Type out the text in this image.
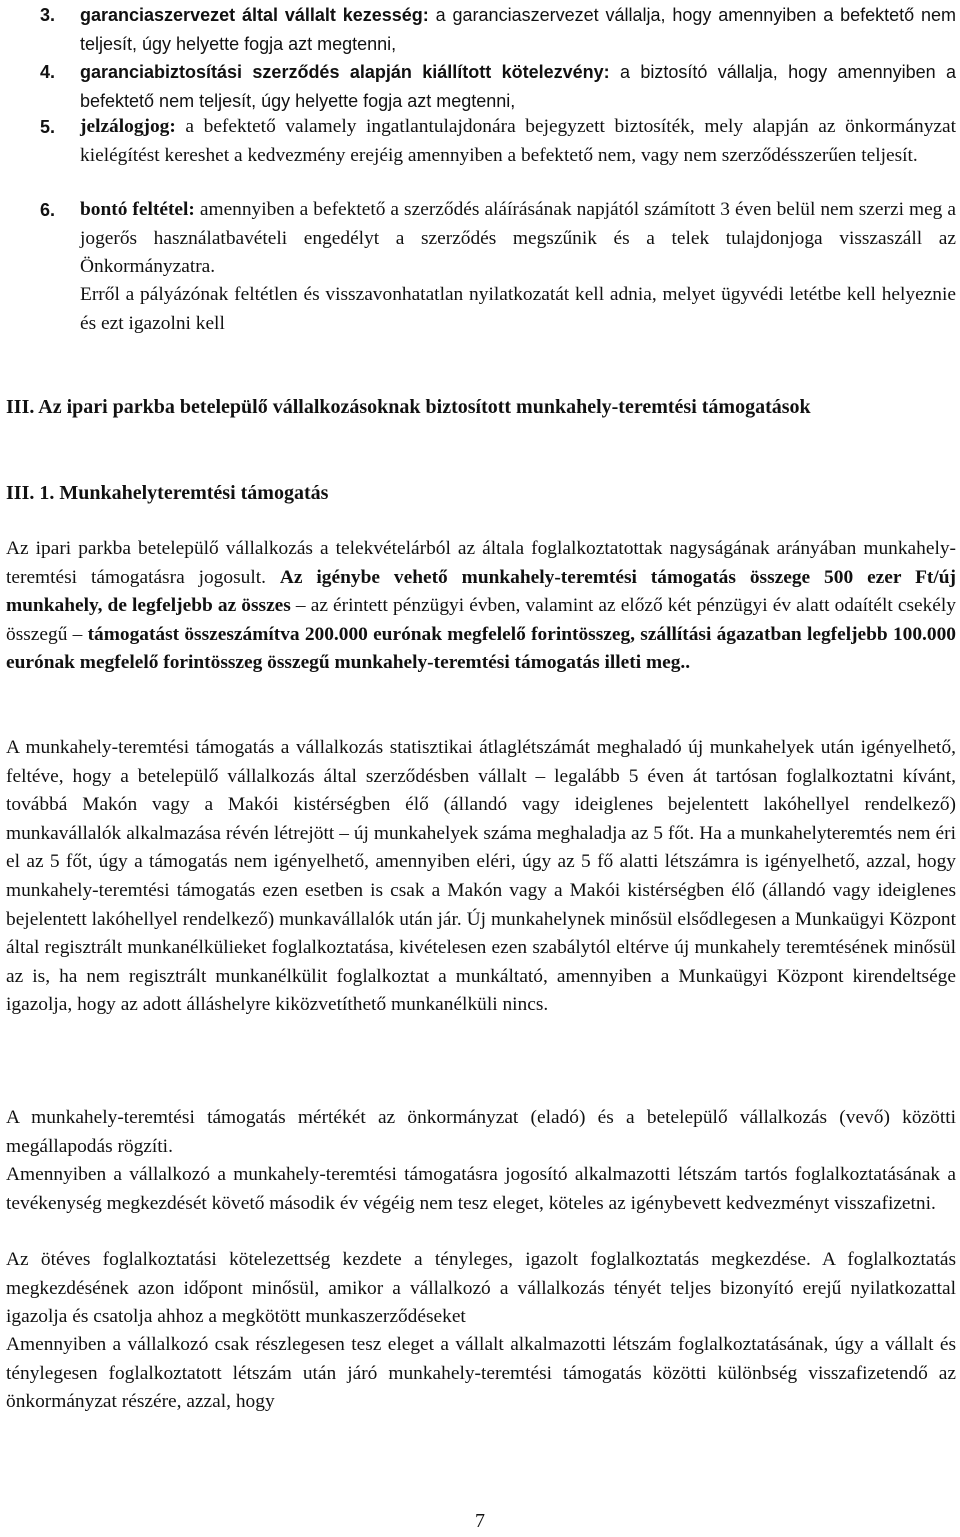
3. garanciaszervezet által vállalt kezesség: a garanciaszervezet vállalja, hogy amennyiben a befektető nem teljesít, úgy helyette fogja azt megtenni,

4. garanciabiztosítási szerződés alapján kiállított kötelezvény: a biztosító vállalja, hogy amennyiben a befektető nem teljesít, úgy helyette fogja azt megtenni,

5. jelzálogjog: a befektető valamely ingatlantulajdonára bejegyzett biztosíték, mely alapján az önkormányzat kielégítést kereshet a kedvezmény erejéig amennyiben a befektető nem, vagy nem szerződésszerűen teljesít.

6. bontó feltétel: amennyiben a befektető a szerződés aláírásának napjától számított 3 éven belül nem szerzi meg a jogerős használatbavételi engedélyt a szerződés megszűnik és a telek tulajdonjoga visszaszáll az Önkormányzatra.

Erről a pályázónak feltétlen és visszavonhatatlan nyilatkozatát kell adnia, melyet ügyvédi letétbe kell helyeznie és ezt igazolni kell

III. Az ipari parkba betelepülő vállalkozásoknak biztosított munkahely-teremtési támogatások

III. 1. Munkahelyteremtési támogatás

Az ipari parkba betelepülő vállalkozás a telekvételárból az általa foglalkoztatottak nagyságának arányában munkahely-teremtési támogatásra jogosult. Az igénybe vehető munkahely-teremtési támogatás összege 500 ezer Ft/új munkahely, de legfeljebb az összes – az érintett pénzügyi évben, valamint az előző két pénzügyi év alatt odaítélt csekély összegű – támogatást összeszámítva 200.000 eurónak megfelelő forintösszeg, szállítási ágazatban legfeljebb 100.000 eurónak megfelelő forintösszeg összegű munkahely-teremtési támogatás illeti meg..

A munkahely-teremtési támogatás a vállalkozás statisztikai átlaglétszámát meghaladó új munkahelyek után igényelhető, feltéve, hogy a betelepülő vállalkozás által szerződésben vállalt – legalább 5 éven át tartósan foglalkoztatni kívánt, továbbá Makón vagy a Makói kistérségben élő (állandó vagy ideiglenes bejelentett lakóhellyel rendelkező) munkavállalók alkalmazása révén létrejött – új munkahelyek száma meghaladja az 5 főt. Ha a munkahelyteremtés nem éri el az 5 főt, úgy a támogatás nem igényelhető, amennyiben eléri, úgy az 5 fő alatti létszámra is igényelhető, azzal, hogy munkahely-teremtési támogatás ezen esetben is csak a Makón vagy a Makói kistérségben élő (állandó vagy ideiglenes bejelentett lakóhellyel rendelkező) munkavállalók után jár. Új munkahelynek minősül elsődlegesen a Munkaügyi Központ által regisztrált munkanélkülieket foglalkoztatása, kivételesen ezen szabálytól eltérve új munkahely teremtésének minősül az is, ha nem regisztrált munkanélkülit foglalkoztat a munkáltató, amennyiben a Munkaügyi Központ kirendeltsége igazolja, hogy az adott álláshelyre kiközvetíthető munkanélküli nincs.

A munkahely-teremtési támogatás mértékét az önkormányzat (eladó) és a betelepülő vállalkozás (vevő) közötti megállapodás rögzíti.

Amennyiben a vállalkozó a munkahely-teremtési támogatásra jogosító alkalmazotti létszám tartós foglalkoztatásának a tevékenység megkezdését követő második év végéig nem tesz eleget, köteles az igénybevett kedvezményt visszafizetni.

Az ötéves foglalkoztatási kötelezettség kezdete a tényleges, igazolt foglalkoztatás megkezdése. A foglalkoztatás megkezdésének azon időpont minősül, amikor a vállalkozó a vállalkozás tényét teljes bizonyító erejű nyilatkozattal igazolja és csatolja ahhoz a megkötött munkaszerződéseket

Amennyiben a vállalkozó csak részlegesen tesz eleget a vállalt alkalmazotti létszám foglalkoztatásának, úgy a vállalt és ténylegesen foglalkoztatott létszám után járó munkahely-teremtési támogatás közötti különbség visszafizetendő az önkormányzat részére, azzal, hogy

7
